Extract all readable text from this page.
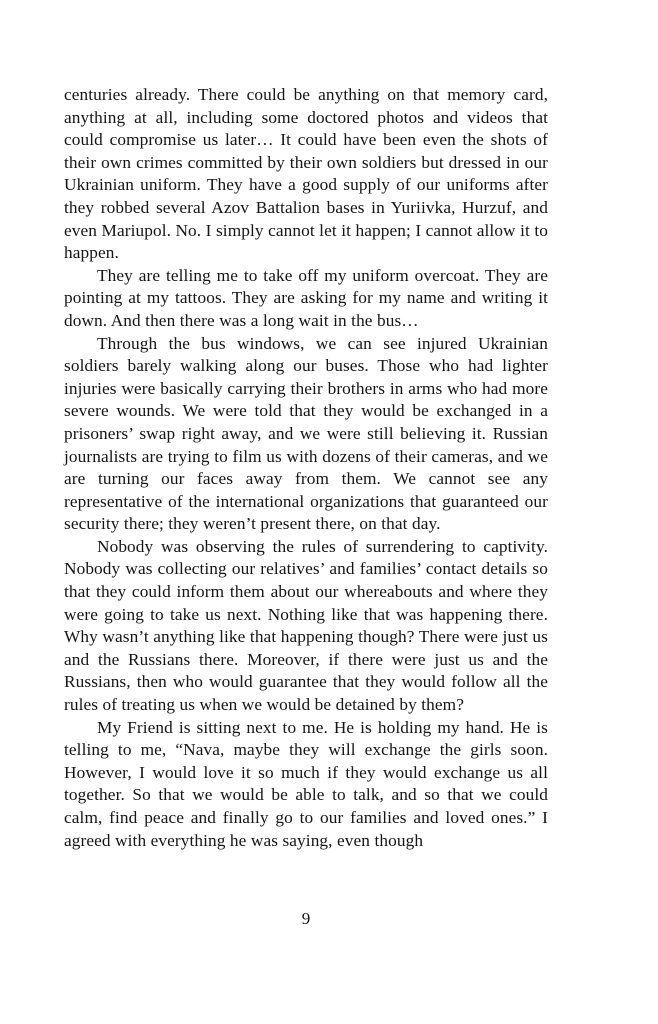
centuries already. There could be anything on that memory card, anything at all, including some doctored photos and videos that could compromise us later… It could have been even the shots of their own crimes committed by their own soldiers but dressed in our Ukrainian uniform. They have a good supply of our uniforms after they robbed several Azov Battalion bases in Yuriivka, Hurzuf, and even Mariupol. No. I simply cannot let it happen; I cannot allow it to happen.

They are telling me to take off my uniform overcoat. They are pointing at my tattoos. They are asking for my name and writing it down. And then there was a long wait in the bus…

Through the bus windows, we can see injured Ukrainian soldiers barely walking along our buses. Those who had lighter injuries were basically carrying their brothers in arms who had more severe wounds. We were told that they would be exchanged in a prisoners’ swap right away, and we were still believing it. Russian journalists are trying to film us with dozens of their cameras, and we are turning our faces away from them. We cannot see any representative of the international organizations that guaranteed our security there; they weren’t present there, on that day.

Nobody was observing the rules of surrendering to captivity. Nobody was collecting our relatives’ and families’ contact details so that they could inform them about our whereabouts and where they were going to take us next. Nothing like that was happening there. Why wasn’t anything like that happening though? There were just us and the Russians there. Moreover, if there were just us and the Russians, then who would guarantee that they would follow all the rules of treating us when we would be detained by them?

My Friend is sitting next to me. He is holding my hand. He is telling to me, “Nava, maybe they will exchange the girls soon. However, I would love it so much if they would exchange us all together. So that we would be able to talk, and so that we could calm, find peace and finally go to our families and loved ones.” I agreed with everything he was saying, even though

9
